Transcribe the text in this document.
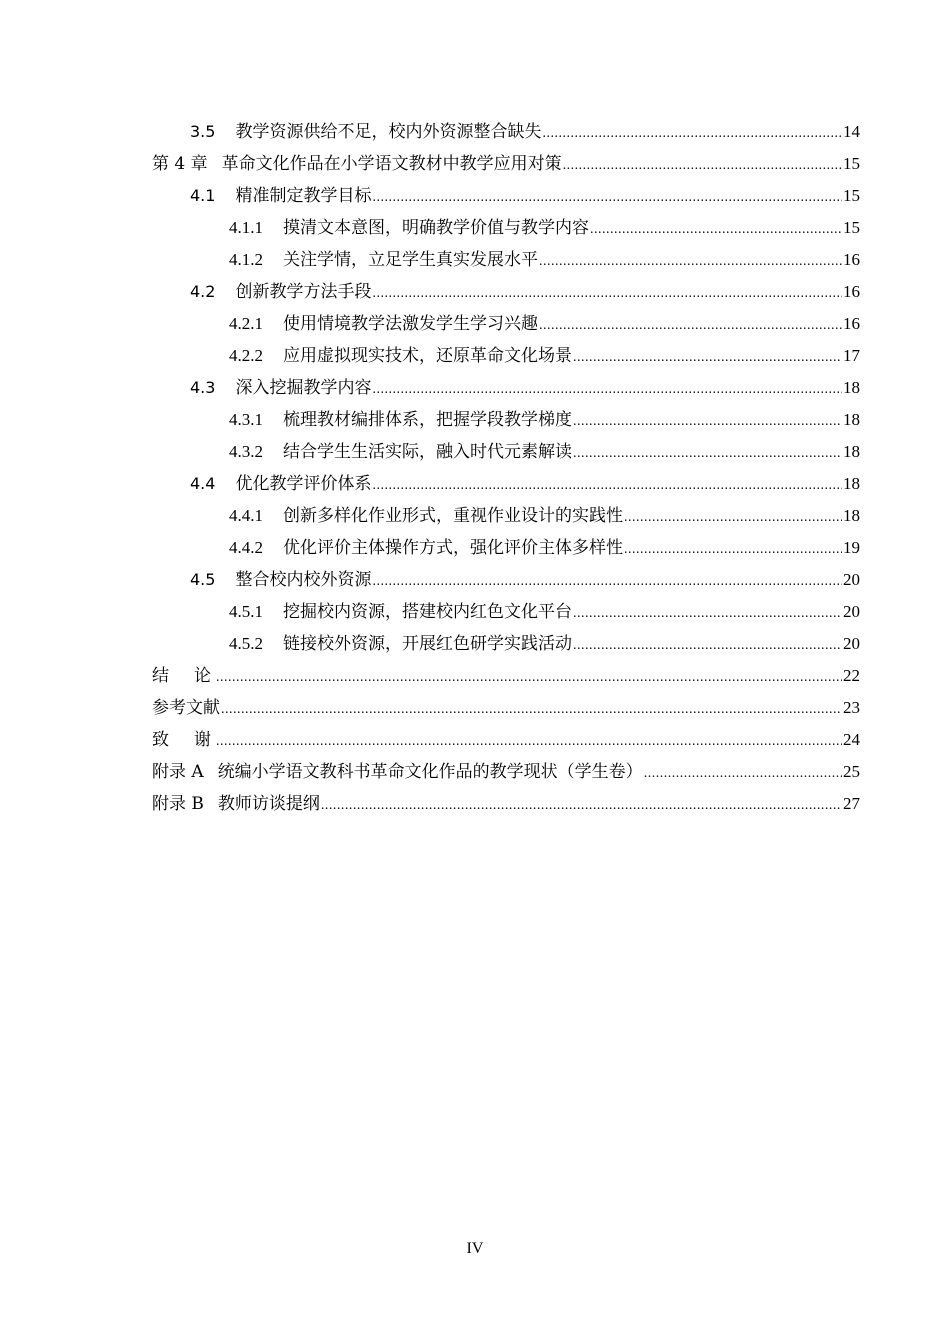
3.5 教学资源供给不足，校内外资源整合缺失 .....	14
第 4 章 革命文化作品在小学语文教材中教学应用对策 .....	15
4.1 精准制定教学目标 .....	15
4.1.1 摸清文本意图，明确教学价值与教学内容 .....	15
4.1.2 关注学情，立足学生真实发展水平 .....	16
4.2 创新教学方法手段 .....	16
4.2.1 使用情境教学法激发学生学习兴趣 .....	16
4.2.2 应用虚拟现实技术，还原革命文化场景 .....	17
4.3 深入挖掘教学内容 .....	18
4.3.1 梳理教材编排体系，把握学段教学梯度 .....	18
4.3.2 结合学生生活实际，融入时代元素解读 .....	18
4.4 优化教学评价体系 .....	18
4.4.1 创新多样化作业形式，重视作业设计的实践性 .....	18
4.4.2 优化评价主体操作方式，强化评价主体多样性 .....	19
4.5 整合校内校外资源 .....	20
4.5.1 挖掘校内资源，搭建校内红色文化平台 .....	20
4.5.2 链接校外资源，开展红色研学实践活动 .....	20
结　论 .....	22
参考文献 .....	23
致　谢 .....	24
附录 A 统编小学语文教科书革命文化作品的教学现状（学生卷） .....	25
附录 B 教师访谈提纲 .....	27
IV
